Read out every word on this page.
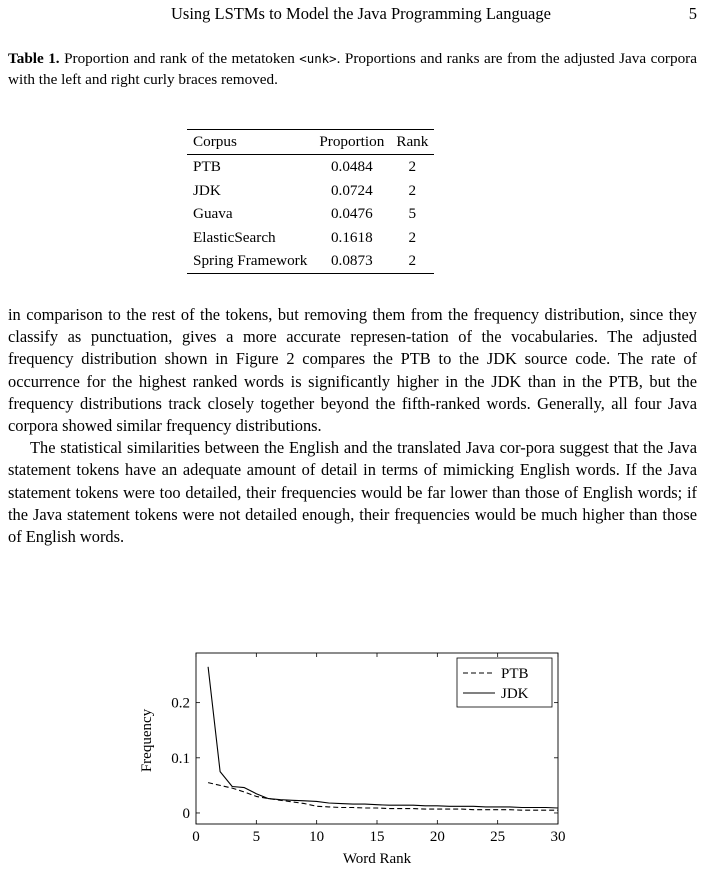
Using LSTMs to Model the Java Programming Language	5
Table 1. Proportion and rank of the metatoken <unk>. Proportions and ranks are from the adjusted Java corpora with the left and right curly braces removed.
Corpus	Proportion	Rank
PTB	0.0484	2
JDK	0.0724	2
Guava	0.0476	5
ElasticSearch	0.1618	2
Spring Framework	0.0873	2

in comparison to the rest of the tokens, but removing them from the frequency distribution, since they classify as punctuation, gives a more accurate represen-tation of the vocabularies. The adjusted frequency distribution shown in Figure 2 compares the PTB to the JDK source code. The rate of occurrence for the highest ranked words is significantly higher in the JDK than in the PTB, but the frequency distributions track closely together beyond the fifth-ranked words. Generally, all four Java corpora showed similar frequency distributions.

The statistical similarities between the English and the translated Java cor-pora suggest that the Java statement tokens have an adequate amount of detail in terms of mimicking English words. If the Java statement tokens were too detailed, their frequencies would be far lower than those of English words; if the Java statement tokens were not detailed enough, their frequencies would be much higher than those of English words.

0	5	10	15	20	25	30
0
0.1
0.2
Word Rank
Frequency
PTB
JDK
